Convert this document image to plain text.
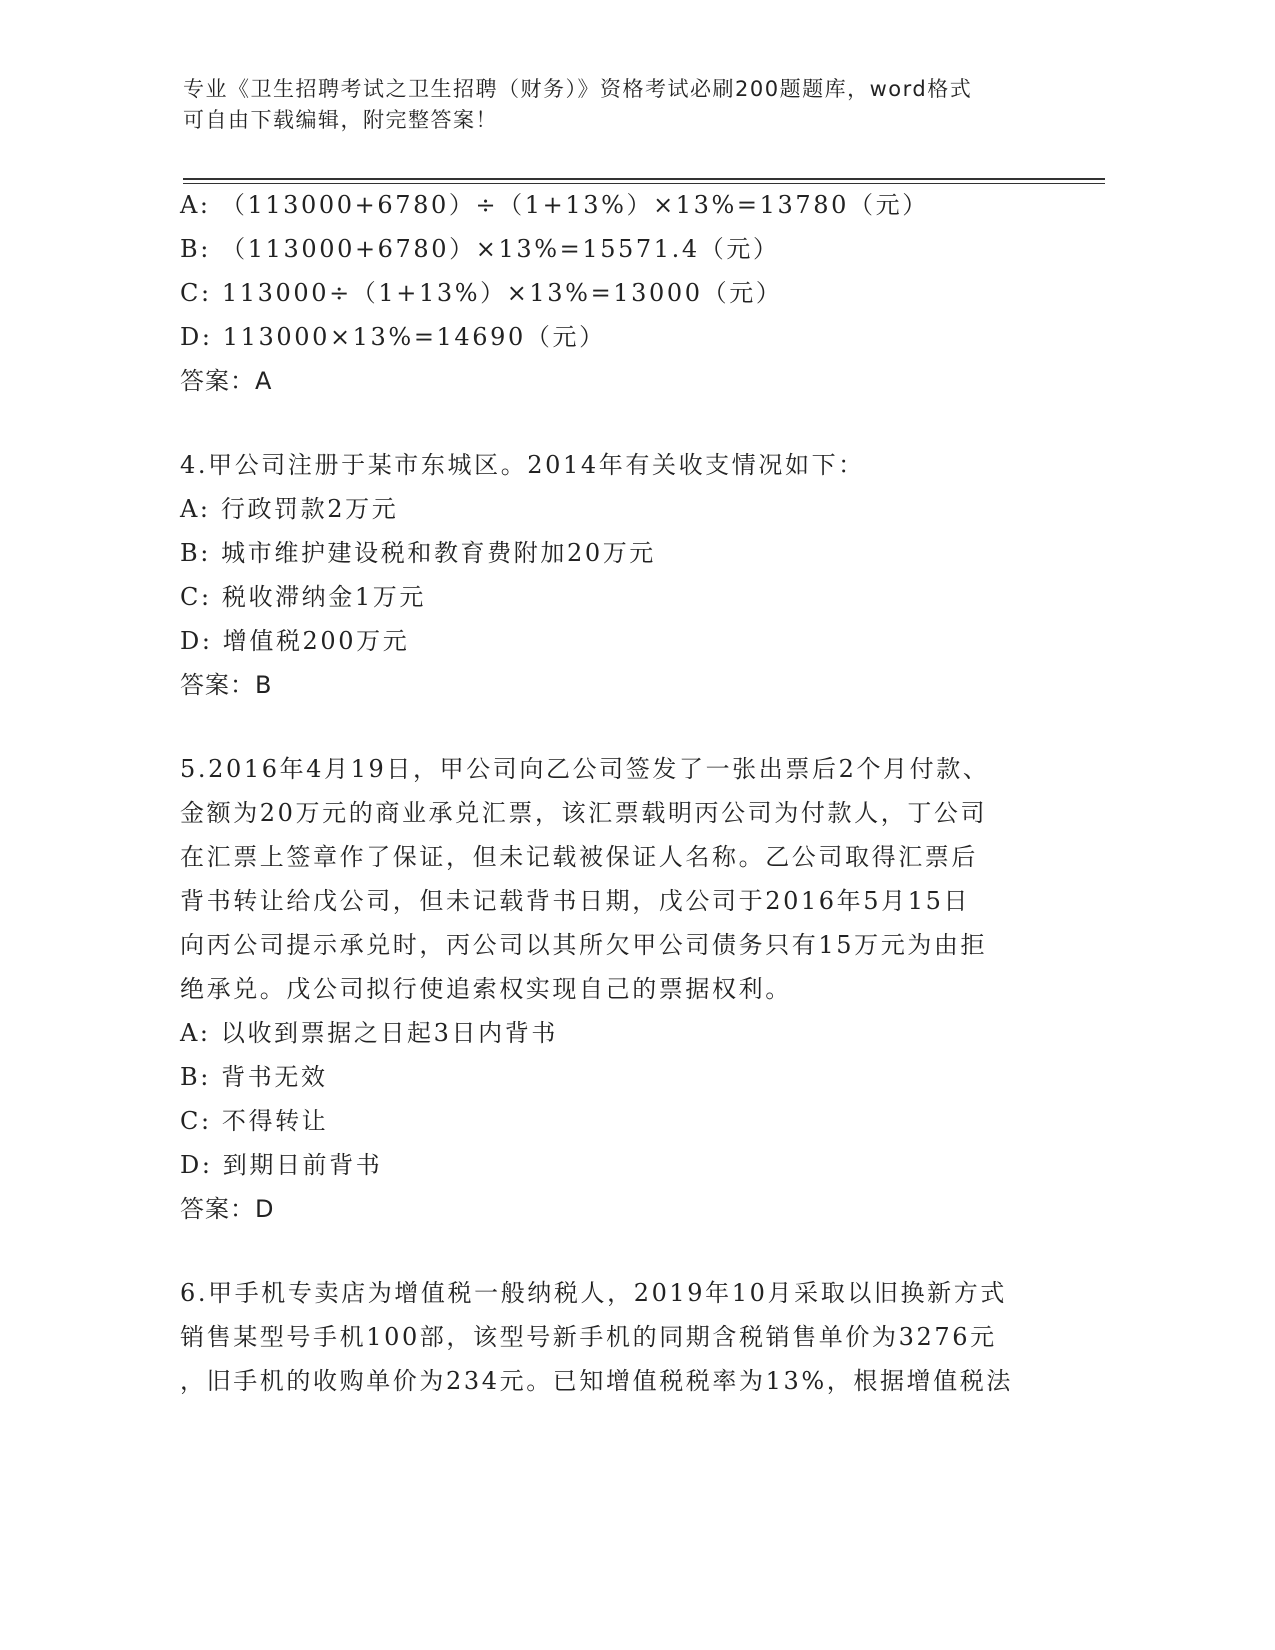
专业《卫生招聘考试之卫生招聘（财务）》资格考试必刷200题题库，word格式
可自由下载编辑，附完整答案！
A: （113000+6780）÷（1+13%）×13%=13780（元）
B: （113000+6780）×13%=15571.4（元）
C: 113000÷（1+13%）×13%=13000（元）
D: 113000×13%=14690（元）
答案：A
4.甲公司注册于某市东城区。2014年有关收支情况如下：
A: 行政罚款2万元
B: 城市维护建设税和教育费附加20万元
C: 税收滞纳金1万元
D: 增值税200万元
答案：B
5.2016年4月19日，甲公司向乙公司签发了一张出票后2个月付款、
金额为20万元的商业承兑汇票，该汇票载明丙公司为付款人，丁公司
在汇票上签章作了保证，但未记载被保证人名称。乙公司取得汇票后
背书转让给戊公司，但未记载背书日期，戊公司于2016年5月15日
向丙公司提示承兑时，丙公司以其所欠甲公司债务只有15万元为由拒
绝承兑。戊公司拟行使追索权实现自己的票据权利。
A: 以收到票据之日起3日内背书
B: 背书无效
C: 不得转让
D: 到期日前背书
答案：D
6.甲手机专卖店为增值税一般纳税人，2019年10月采取以旧换新方式
销售某型号手机100部，该型号新手机的同期含税销售单价为3276元
，旧手机的收购单价为234元。已知增值税税率为13%，根据增值税法
